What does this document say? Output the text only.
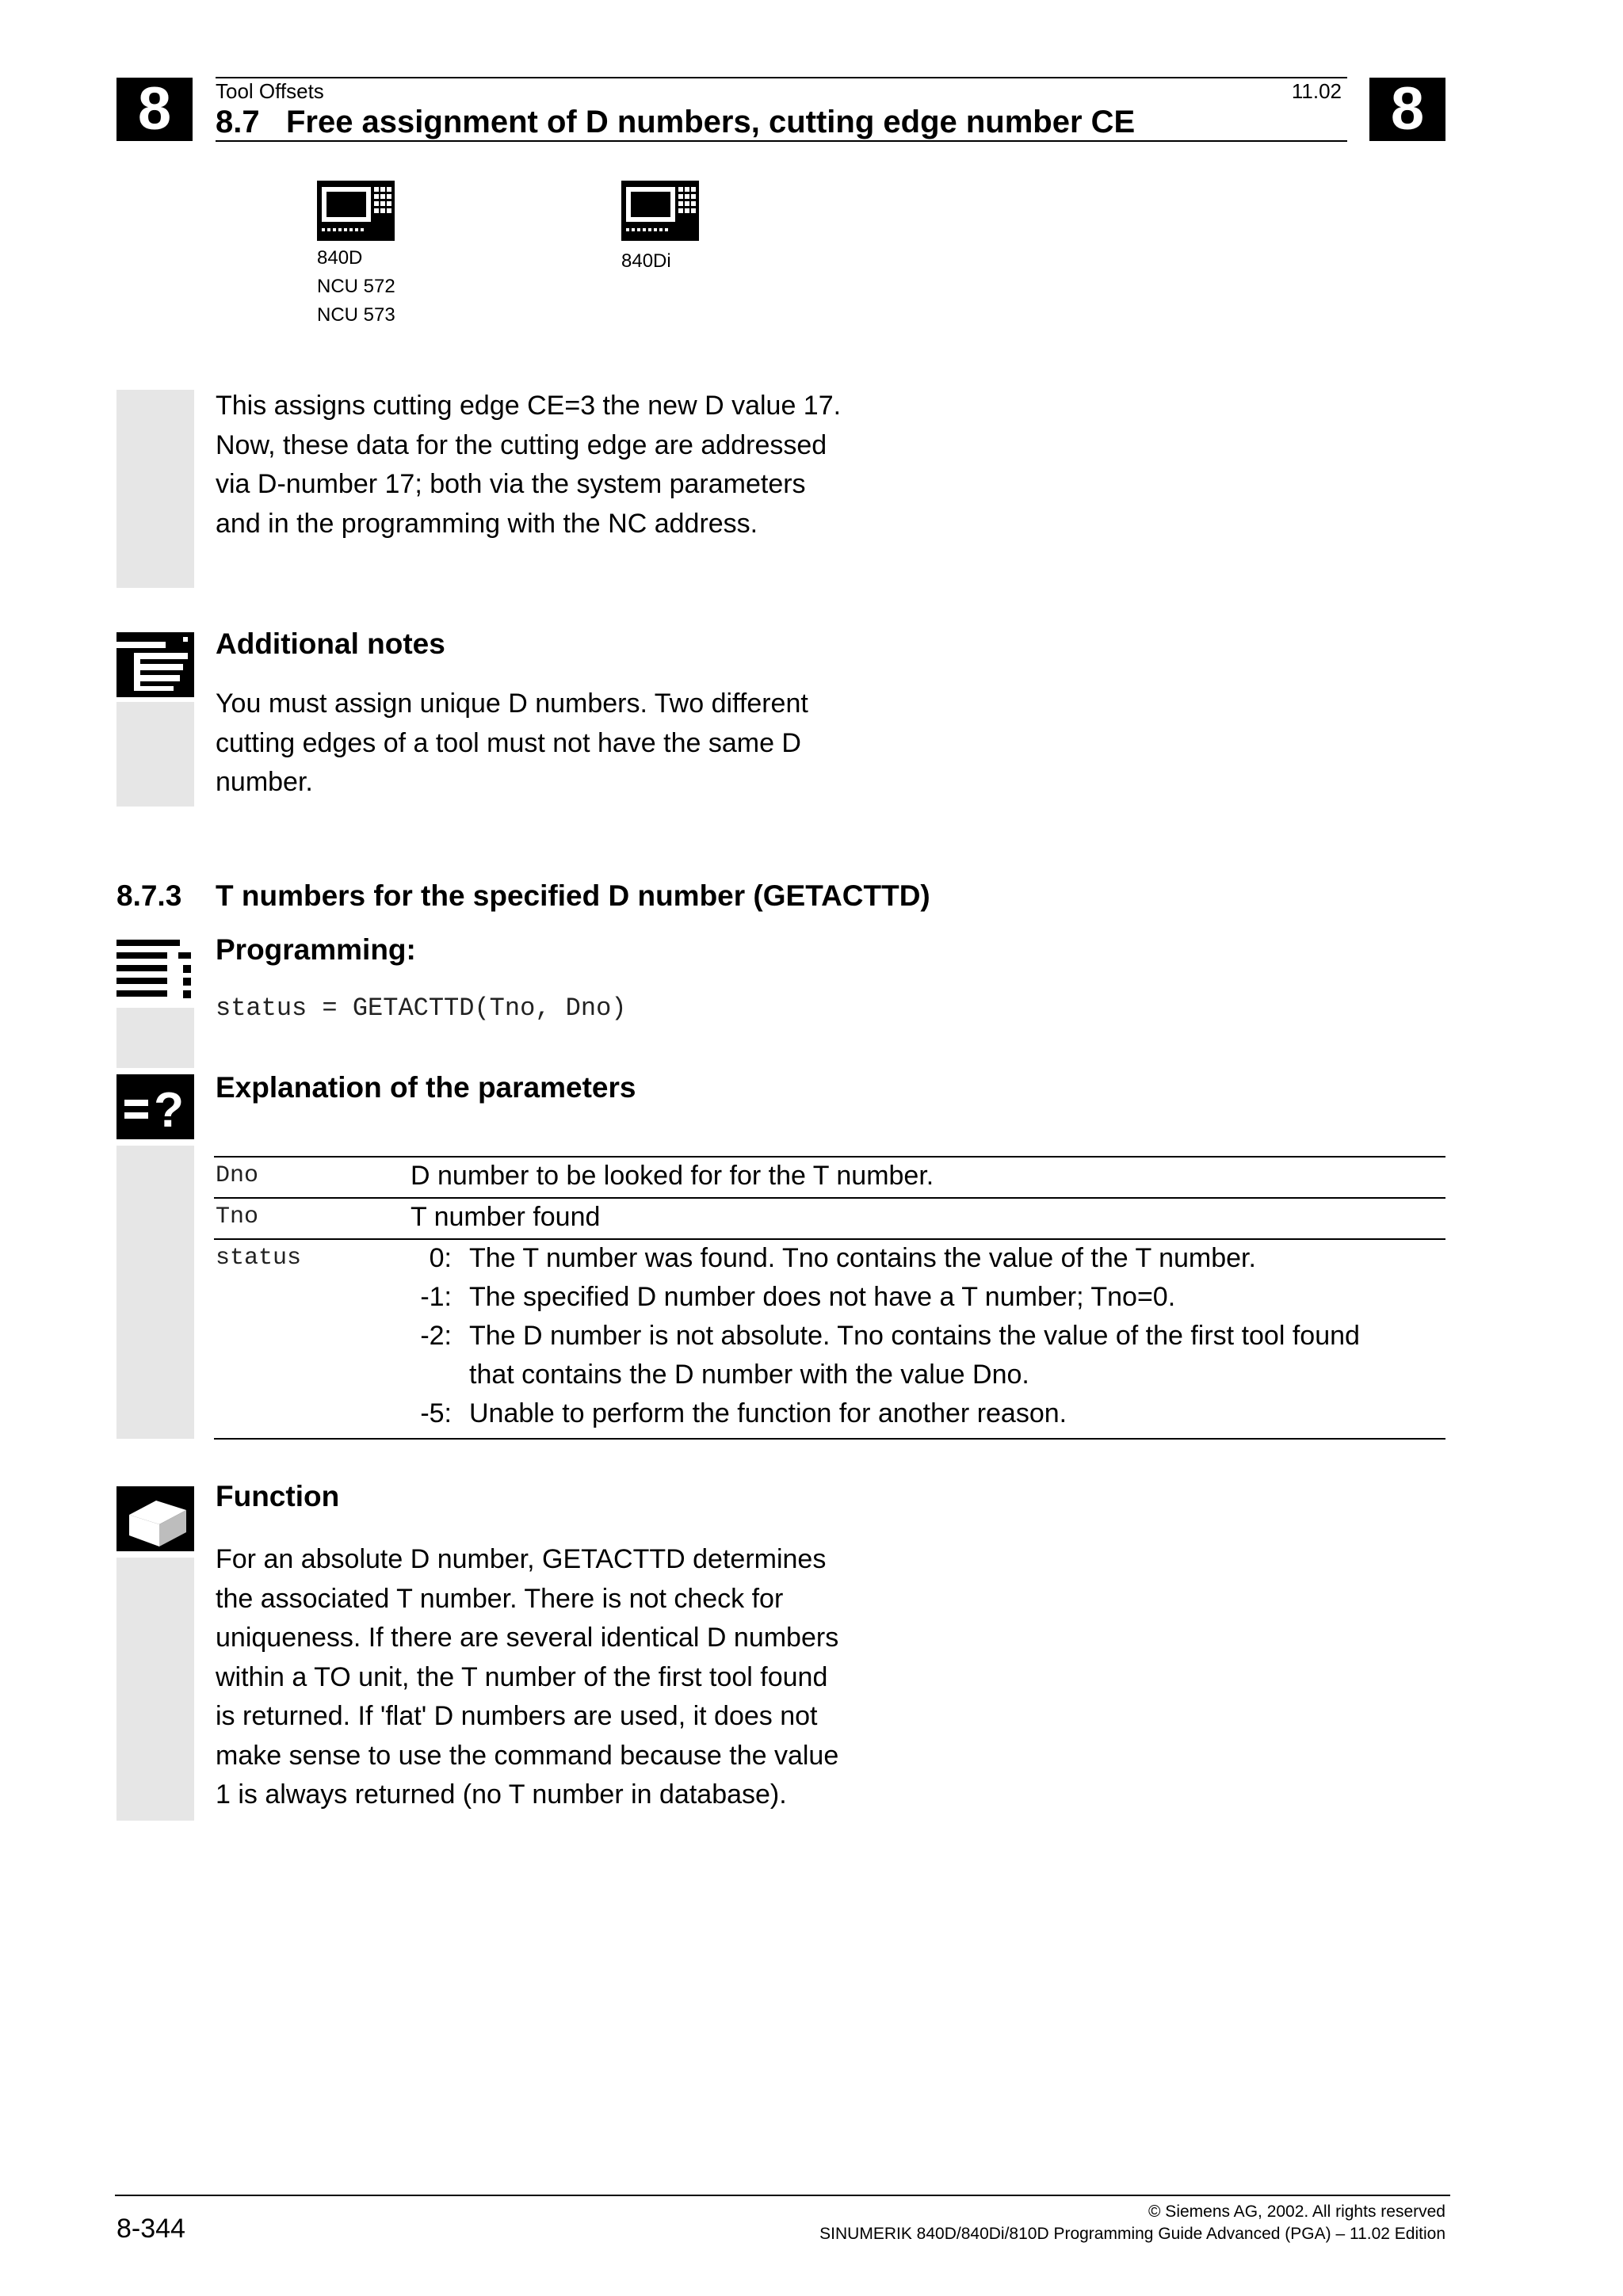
8	8
Tool Offsets	11.02
8.7   Free assignment of D numbers, cutting edge number CE
840D
NCU 572
NCU 573
840Di
This assigns cutting edge CE=3 the new D value 17.
Now, these data for the cutting edge are addressed
via D-number 17; both via the system parameters
and in the programming with the NC address.
Additional notes
You must assign unique D numbers. Two different
cutting edges of a tool must not have the same D
number.
8.7.3 T numbers for the specified D number (GETACTTD)
Programming:
status = GETACTTD(Tno, Dno)
? Explanation of the parameters
Dno	D number to be looked for for the T number.
Tno	T number found
status	0: The T number was found. Tno contains the value of the T number.
-1: The specified D number does not have a T number; Tno=0.
-2: The D number is not absolute. Tno contains the value of the first tool found
that contains the D number with the value Dno.
-5: Unable to perform the function for another reason.
Function
For an absolute D number, GETACTTD determines
the associated T number. There is not check for
uniqueness. If there are several identical D numbers
within a TO unit, the T number of the first tool found
is returned. If 'flat' D numbers are used, it does not
make sense to use the command because the value
1 is always returned (no T number in database).
8-344
© Siemens AG, 2002. All rights reserved
SINUMERIK 840D/840Di/810D Programming Guide Advanced (PGA) – 11.02 Edition
